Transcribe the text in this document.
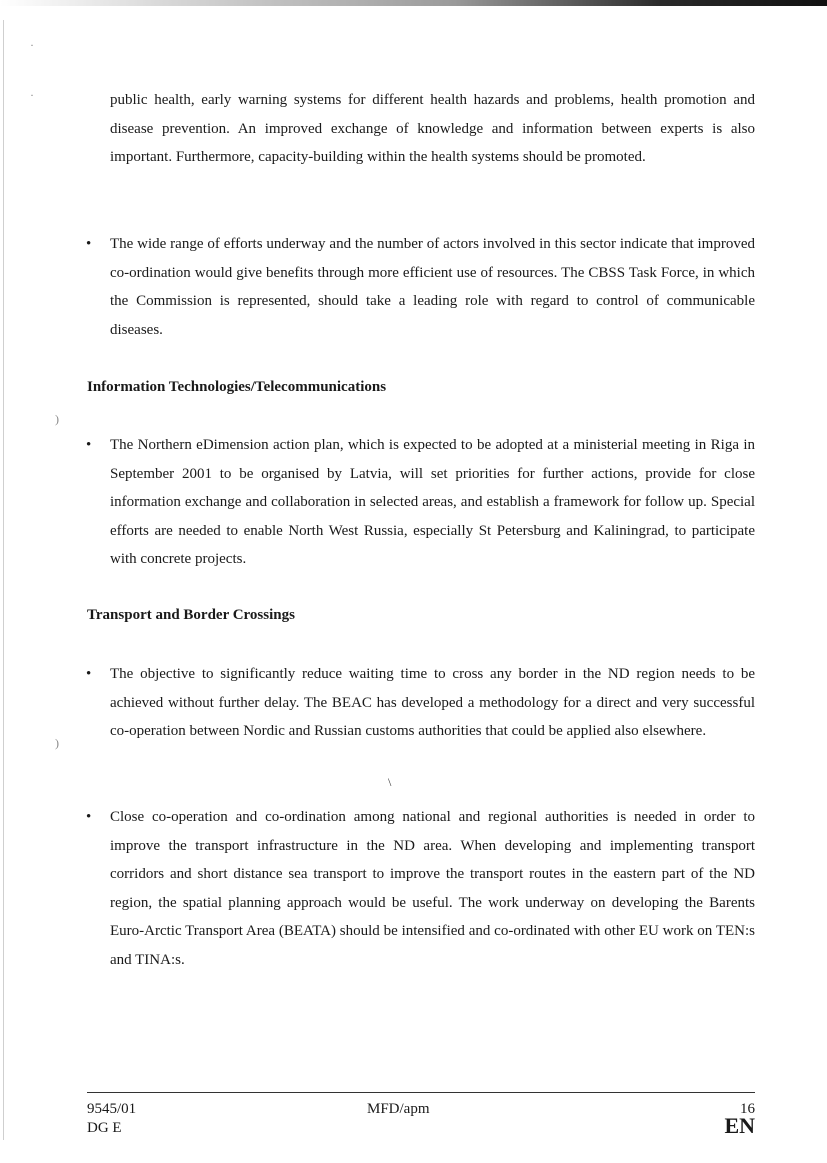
·
·
)
)

public health, early warning systems for different health hazards and problems, health promotion and disease prevention. An improved exchange of knowledge and information between experts is also important. Furthermore, capacity-building within the health systems should be promoted.

• The wide range of efforts underway and the number of actors involved in this sector indicate that improved co-ordination would give benefits through more efficient use of resources. The CBSS Task Force, in which the Commission is represented, should take a leading role with regard to control of communicable diseases.

Information Technologies/Telecommunications
• The Northern eDimension action plan, which is expected to be adopted at a ministerial meeting in Riga in September 2001 to be organised by Latvia, will set priorities for further actions, provide for close information exchange and collaboration in selected areas, and establish a framework for follow up. Special efforts are needed to enable North West Russia, especially St Petersburg and Kaliningrad, to participate with concrete projects.

Transport and Border Crossings
• The objective to significantly reduce waiting time to cross any border in the ND region needs to be achieved without further delay. The BEAC has developed a methodology for a direct and very successful co-operation between Nordic and Russian customs authorities that could be applied also elsewhere.

\
• Close co-operation and co-ordination among national and regional authorities is needed in order to improve the transport infrastructure in the ND area. When developing and implementing transport corridors and short distance sea transport to improve the transport routes in the eastern part of the ND region, the spatial planning approach would be useful. The work underway on developing the Barents Euro-Arctic Transport Area (BEATA) should be intensified and co-ordinated with other EU work on TEN:s and TINA:s.

9545/01
DG E
MFD/apm	16
EN
